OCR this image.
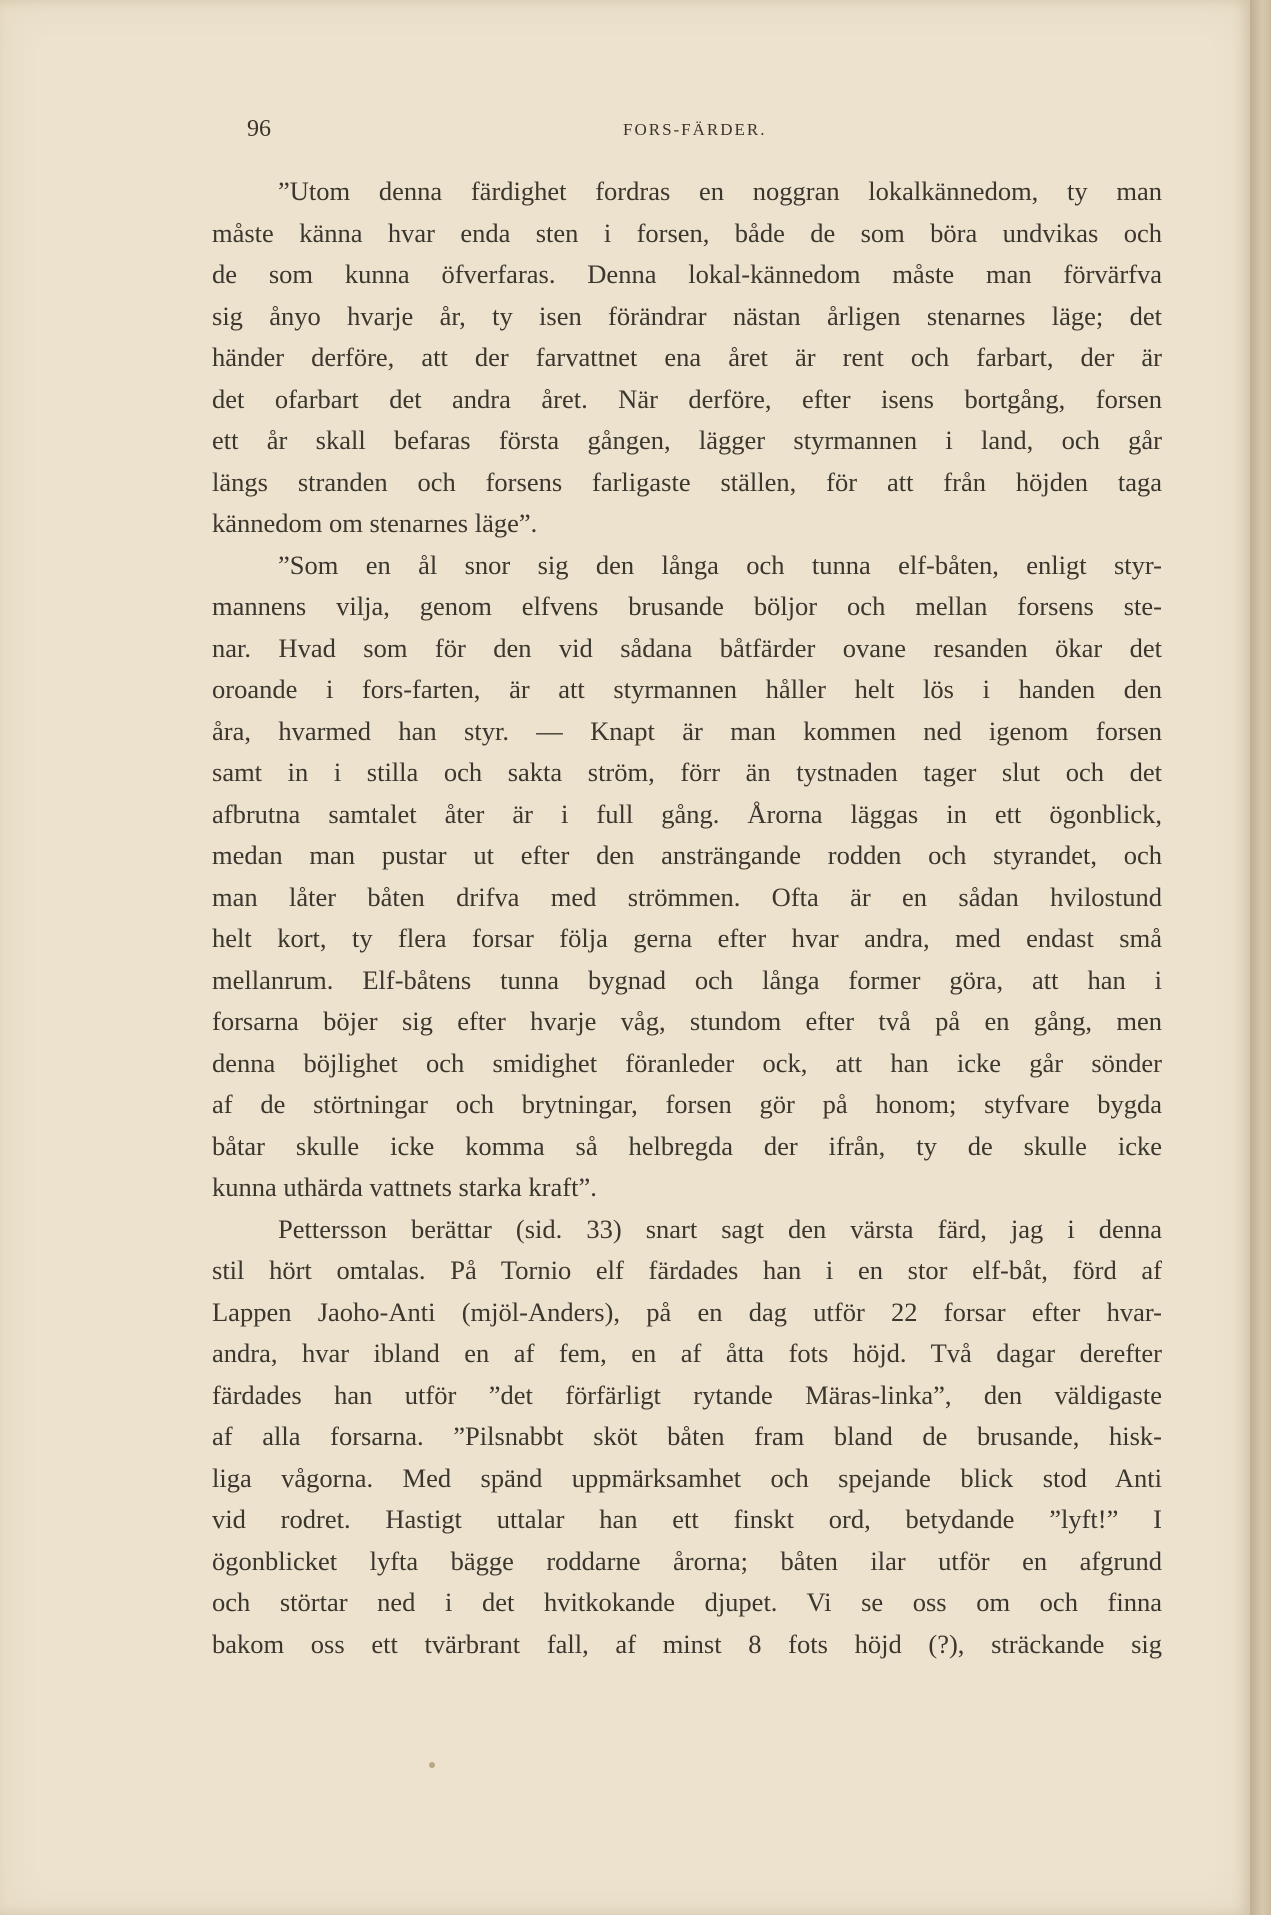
96	FORS-FÄRDER.
”Utom denna färdighet fordras en noggran lokalkännedom, ty man
måste känna hvar enda sten i forsen, både de som böra undvikas och
de som kunna öfverfaras. Denna lokal-kännedom måste man förvärfva
sig ånyo hvarje år, ty isen förändrar nästan årligen stenarnes läge; det
händer derföre, att der farvattnet ena året är rent och farbart, der är
det ofarbart det andra året. När derföre, efter isens bortgång, forsen
ett år skall befaras första gången, lägger styrmannen i land, och går
längs stranden och forsens farligaste ställen, för att från höjden taga
kännedom om stenarnes läge”.
”Som en ål snor sig den långa och tunna elf-båten, enligt styr-
mannens vilja, genom elfvens brusande böljor och mellan forsens ste-
nar. Hvad som för den vid sådana båtfärder ovane resanden ökar det
oroande i fors-farten, är att styrmannen håller helt lös i handen den
åra, hvarmed han styr. — Knapt är man kommen ned igenom forsen
samt in i stilla och sakta ström, förr än tystnaden tager slut och det
afbrutna samtalet åter är i full gång. Årorna läggas in ett ögonblick,
medan man pustar ut efter den ansträngande rodden och styrandet, och
man låter båten drifva med strömmen. Ofta är en sådan hvilostund
helt kort, ty flera forsar följa gerna efter hvar andra, med endast små
mellanrum. Elf-båtens tunna bygnad och långa former göra, att han i
forsarna böjer sig efter hvarje våg, stundom efter två på en gång, men
denna böjlighet och smidighet föranleder ock, att han icke går sönder
af de störtningar och brytningar, forsen gör på honom; styfvare bygda
båtar skulle icke komma så helbregda der ifrån, ty de skulle icke
kunna uthärda vattnets starka kraft”.
Pettersson berättar (sid. 33) snart sagt den värsta färd, jag i denna
stil hört omtalas. På Tornio elf färdades han i en stor elf-båt, förd af
Lappen Jaoho-Anti (mjöl-Anders), på en dag utför 22 forsar efter hvar-
andra, hvar ibland en af fem, en af åtta fots höjd. Två dagar derefter
färdades han utför ”det förfärligt rytande Märas-linka”, den väldigaste
af alla forsarna. ”Pilsnabbt sköt båten fram bland de brusande, hisk-
liga vågorna. Med spänd uppmärksamhet och spejande blick stod Anti
vid rodret. Hastigt uttalar han ett finskt ord, betydande ”lyft!” I
ögonblicket lyfta bägge roddarne årorna; båten ilar utför en afgrund
och störtar ned i det hvitkokande djupet. Vi se oss om och finna
bakom oss ett tvärbrant fall, af minst 8 fots höjd (?), sträckande sig
